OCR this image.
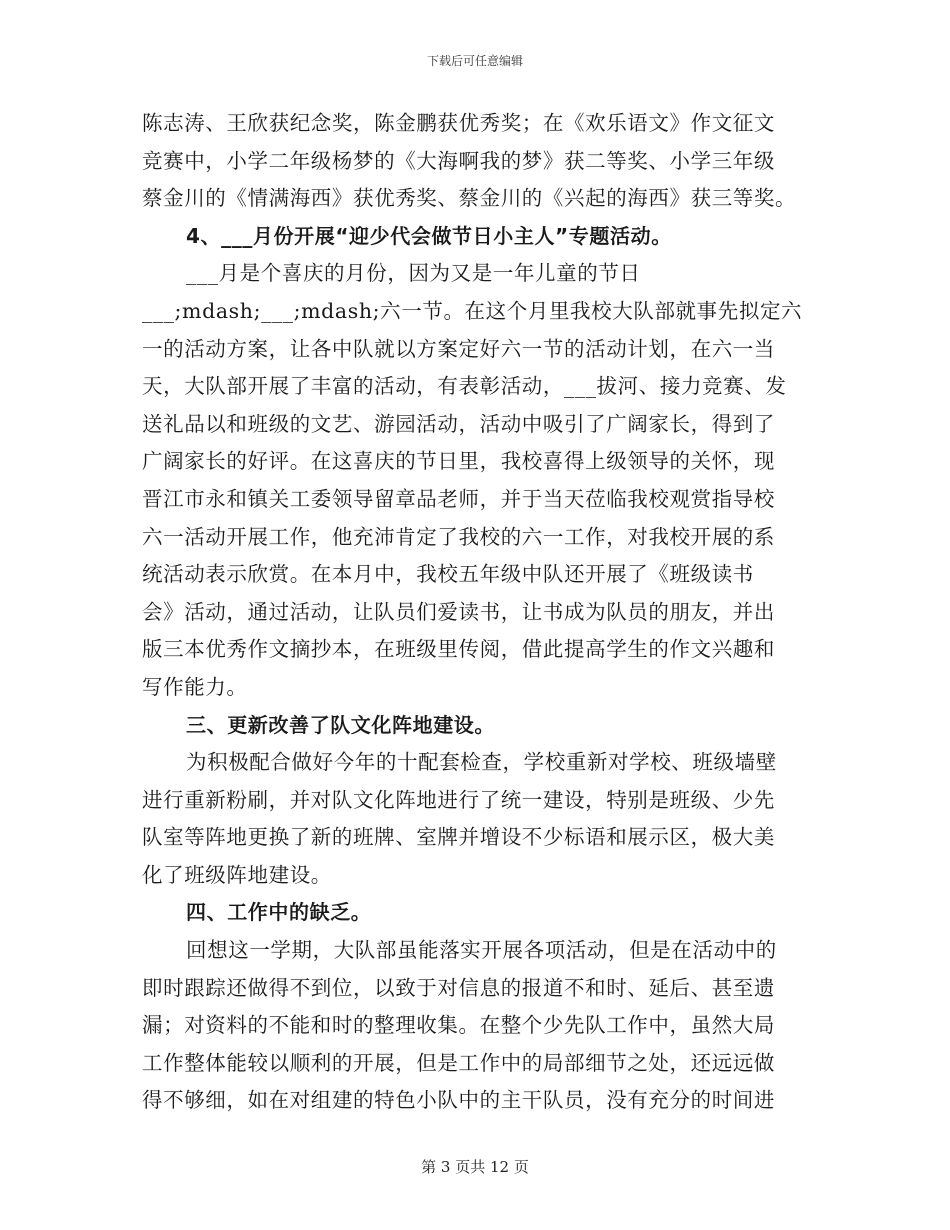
下载后可任意编辑
陈志涛、王欣获纪念奖，陈金鹏获优秀奖；在《欢乐语文》作文征文
竞赛中，小学二年级杨梦的《大海啊我的梦》获二等奖、小学三年级
蔡金川的《情满海西》获优秀奖、蔡金川的《兴起的海西》获三等奖。
4、___月份开展“迎少代会做节日小主人”专题活动。
___月是个喜庆的月份，因为又是一年儿童的节日
___;mdash;___;mdash;六一节。在这个月里我校大队部就事先拟定六
一的活动方案，让各中队就以方案定好六一节的活动计划，在六一当
天，大队部开展了丰富的活动，有表彰活动，___拔河、接力竞赛、发
送礼品以和班级的文艺、游园活动，活动中吸引了广阔家长，得到了
广阔家长的好评。在这喜庆的节日里，我校喜得上级领导的关怀，现
晋江市永和镇关工委领导留章品老师，并于当天莅临我校观赏指导校
六一活动开展工作，他充沛肯定了我校的六一工作，对我校开展的系
统活动表示欣赏。在本月中，我校五年级中队还开展了《班级读书
会》活动，通过活动，让队员们爱读书，让书成为队员的朋友，并出
版三本优秀作文摘抄本，在班级里传阅，借此提高学生的作文兴趣和
写作能力。
三、更新改善了队文化阵地建设。
为积极配合做好今年的十配套检查，学校重新对学校、班级墙壁
进行重新粉刷，并对队文化阵地进行了统一建设，特别是班级、少先
队室等阵地更换了新的班牌、室牌并增设不少标语和展示区，极大美
化了班级阵地建设。
四、工作中的缺乏。
回想这一学期，大队部虽能落实开展各项活动，但是在活动中的
即时跟踪还做得不到位，以致于对信息的报道不和时、延后、甚至遗
漏；对资料的不能和时的整理收集。在整个少先队工作中，虽然大局
工作整体能较以顺利的开展，但是工作中的局部细节之处，还远远做
得不够细，如在对组建的特色小队中的主干队员，没有充分的时间进
第 3 页共 12 页
